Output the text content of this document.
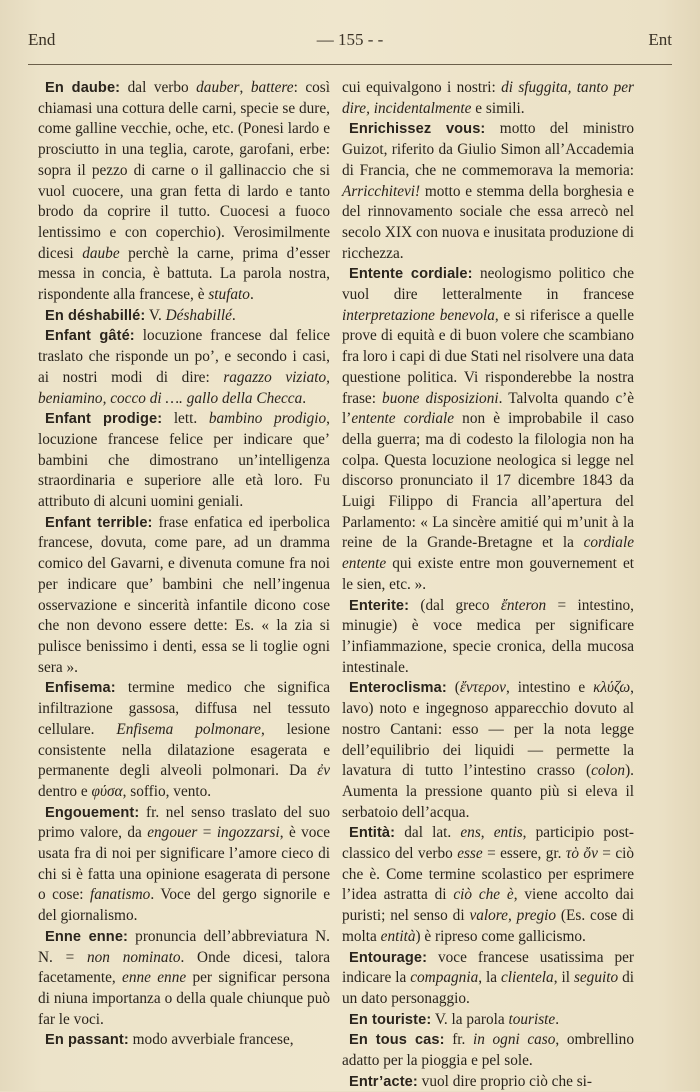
End	— 155 - -	Ent

En daube: dal verbo dauber, battere: così chiamasi una cottura delle carni, specie se dure, come galline vecchie, oche, etc. (Ponesi lardo e prosciutto in una teglia, carote, garofani, erbe: sopra il pezzo di carne o il gallinaccio che si vuol cuocere, una gran fetta di lardo e tanto brodo da coprire il tutto. Cuocesi a fuoco lentissimo e con coperchio). Verosimilmente dicesi daube perchè la carne, prima d’esser messa in concia, è battuta. La parola nostra, rispondente alla francese, è stufato.

En déshabillé: V. Déshabillé.

Enfant gâté: locuzione francese dal felice traslato che risponde un po’, e secondo i casi, ai nostri modi di dire: ragazzo viziato, beniamino, cocco di …. gallo della Checca.

Enfant prodige: lett. bambino prodigio, locuzione francese felice per indicare que’ bambini che dimostrano un’intelligenza straordinaria e superiore alle età loro. Fu attributo di alcuni uomini geniali.

Enfant terrible: frase enfatica ed iperbolica francese, dovuta, come pare, ad un dramma comico del Gavarni, e divenuta comune fra noi per indicare que’ bambini che nell’ingenua osservazione e sincerità infantile dicono cose che non devono essere dette: Es. « la zia si pulisce benissimo i denti, essa se li toglie ogni sera ».

Enfisema: termine medico che significa infiltrazione gassosa, diffusa nel tessuto cellulare. Enfisema polmonare, lesione consistente nella dilatazione esagerata e permanente degli alveoli polmonari. Da ἐν dentro e φύσα, soffio, vento.

Engouement: fr. nel senso traslato del suo primo valore, da engouer = ingozzarsi, è voce usata fra di noi per significare l’amore cieco di chi si è fatta una opinione esagerata di persone o cose: fanatismo. Voce del gergo signorile e del giornalismo.

Enne enne: pronuncia dell’abbreviatura N. N. = non nominato. Onde dicesi, talora facetamente, enne enne per significar persona di niuna importanza o della quale chiunque può far le voci.

En passant: modo avverbiale francese,

cui equivalgono i nostri: di sfuggita, tanto per dire, incidentalmente e simili.

Enrichissez vous: motto del ministro Guizot, riferito da Giulio Simon all’Accademia di Francia, che ne commemorava la memoria: Arricchitevi! motto e stemma della borghesia e del rinnovamento sociale che essa arrecò nel secolo XIX con nuova e inusitata produzione di ricchezza.

Entente cordiale: neologismo politico che vuol dire letteralmente in francese interpretazione benevola, e si riferisce a quelle prove di equità e di buon volere che scambiano fra loro i capi di due Stati nel risolvere una data questione politica. Vi risponderebbe la nostra frase: buone disposizioni. Talvolta quando c’è l’entente cordiale non è improbabile il caso della guerra; ma di codesto la filologia non ha colpa. Questa locuzione neologica si legge nel discorso pronunciato il 17 dicembre 1843 da Luigi Filippo di Francia all’apertura del Parlamento: « La sincère amitié qui m’unit à la reine de la Grande-Bretagne et la cordiale entente qui existe entre mon gouvernement et le sien, etc. ».

Enterite: (dal greco ἔnteron = intestino, minugie) è voce medica per significare l’infiammazione, specie cronica, della mucosa intestinale.

Enteroclisma: (ἔντερον, intestino e κλύζω, lavo) noto e ingegnoso apparecchio dovuto al nostro Cantani: esso — per la nota legge dell’equilibrio dei liquidi — permette la lavatura di tutto l’intestino crasso (colon). Aumenta la pressione quanto più si eleva il serbatoio dell’acqua.

Entità: dal lat. ens, entis, participio post-classico del verbo esse = essere, gr. τὸ ὄν = ciò che è. Come termine scolastico per esprimere l’idea astratta di ciò che è, viene accolto dai puristi; nel senso di valore, pregio (Es. cose di molta entità) è ripreso come gallicismo.

Entourage: voce francese usatissima per indicare la compagnia, la clientela, il seguito di un dato personaggio.

En touriste: V. la parola touriste.

En tous cas: fr. in ogni caso, ombrellino adatto per la pioggia e pel sole.

Entr’acte: vuol dire proprio ciò che si-
